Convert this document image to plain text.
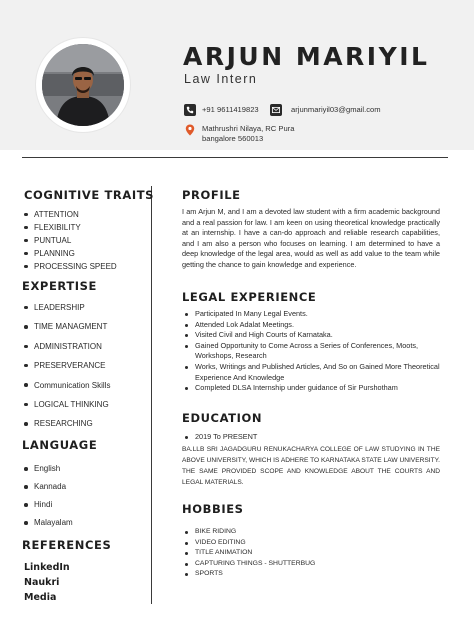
ARJUN MARIYIL
Law Intern
+91 9611419823	arjunmariyil03@gmail.com
Mathrushri Nilaya, RC Pura
bangalore 560013
COGNITIVE TRAITS
ATTENTION
FLEXIBILITY
PUNTUAL
PLANNING
PROCESSING SPEED
EXPERTISE
LEADERSHIP
TIME MANAGMENT
ADMINISTRATION
PRESERVERANCE
Communication Skills
LOGICAL THINKING
RESEARCHING
LANGUAGE
English
Kannada
Hindi
Malayalam
REFERENCES
LinkedIn
Naukri
Media
PROFILE
I am Arjun M, and I am a devoted law student with a firm academic background and a real passion for law. I am keen on using theoretical knowledge practically at an internship. I have a can-do approach and reliable research capabilities, and I am also a person who focuses on learning. I am determined to have a deep knowledge of the legal area, would as well as add value to the team while getting the chance to gain knowledge and experience.
LEGAL EXPERIENCE
Participated In Many Legal Events.
Attended Lok Adalat Meetings.
Visited Civil and High Courts of Karnataka.
Gained Opportunity to Come Across a Series of Conferences, Moots, Workshops, Research
Works, Writings and Published Articles, And So on Gained More Theoretical Experience And Knowledge
Completed DLSA Internship under guidance of Sir Purshotham
EDUCATION
2019 To PRESENT
BA.LLB SRI JAGADGURU RENUKACHARYA COLLEGE OF LAW STUDYING IN THE ABOVE UNIVERSITY, WHICH IS ADHERE TO KARNATAKA STATE LAW UNIVERSITY. THE SAME PROVIDED SCOPE AND KNOWLEDGE ABOUT THE COURTS AND LEGAL MATERIALS.
HOBBIES
BIKE RIDING
VIDEO EDITING
TITLE ANIMATION
CAPTURING THINGS - SHUTTERBUG
SPORTS
